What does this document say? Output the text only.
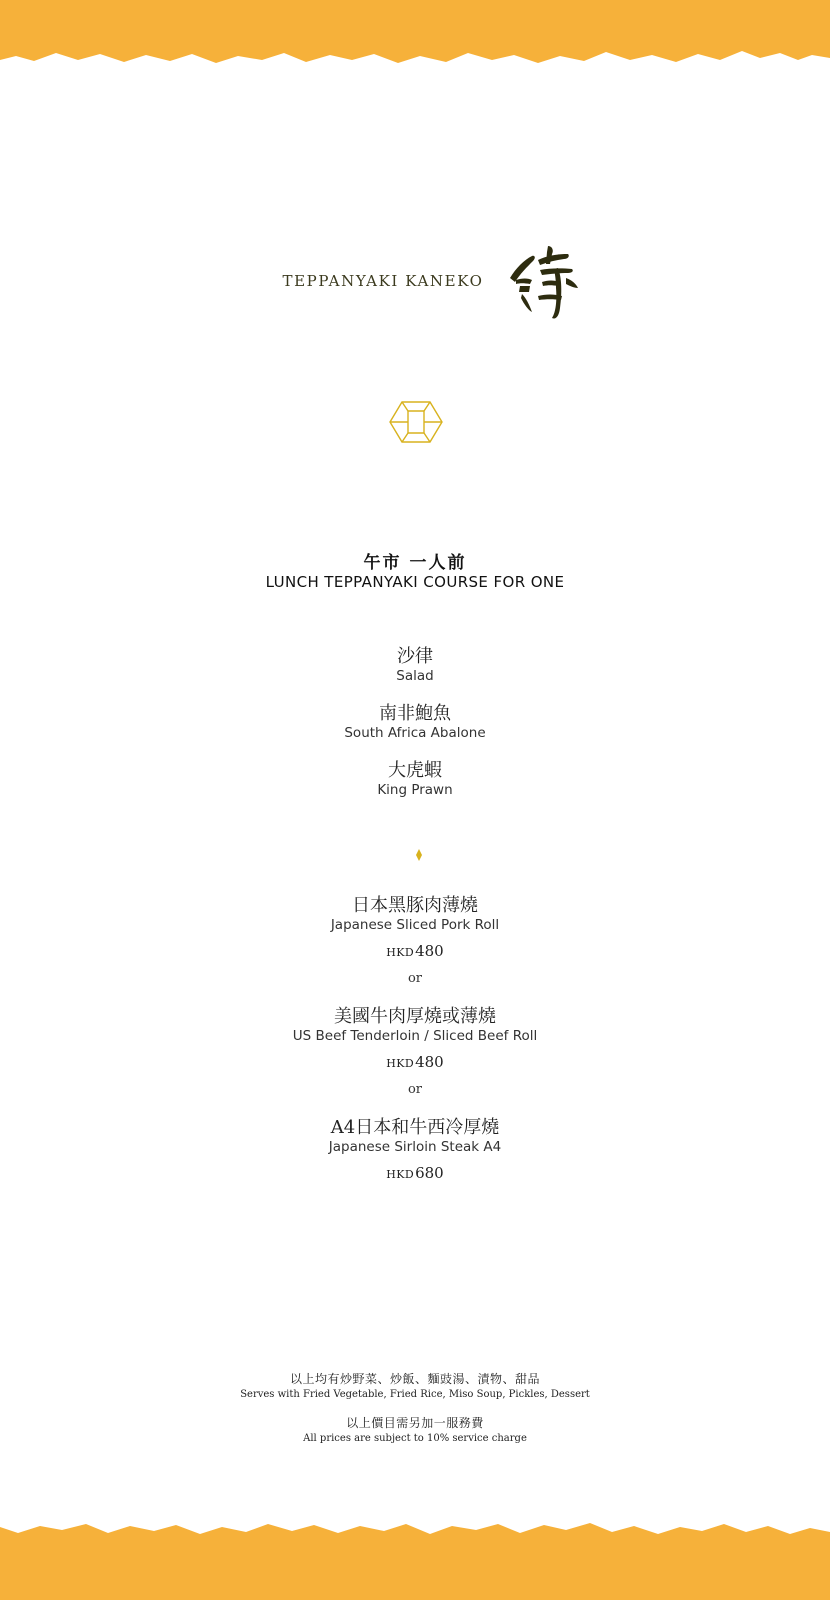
TEPPANYAKI KANEKO
午市 一人前
LUNCH TEPPANYAKI COURSE FOR ONE
沙律
Salad
南非鮑魚
South Africa Abalone
大虎蝦
King Prawn
日本黑豚肉薄燒
Japanese Sliced Pork Roll
HKD480
or
美國牛肉厚燒或薄燒
US Beef Tenderloin / Sliced Beef Roll
HKD480
or
A4日本和牛西冷厚燒
Japanese Sirloin Steak A4
HKD680
以上均有炒野菜、炒飯、麵豉湯、漬物、甜品
Serves with Fried Vegetable, Fried Rice, Miso Soup, Pickles, Dessert
以上價目需另加一服務費
All prices are subject to 10% service charge
